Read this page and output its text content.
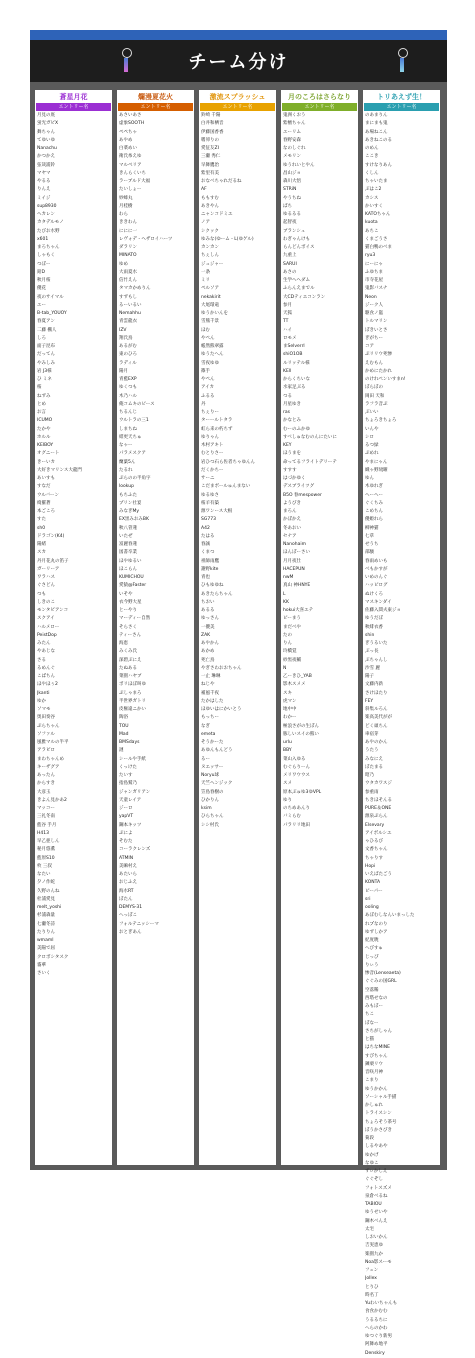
チーム分け
蒼星月花
エントリー名
月見の底
蛍光ガビX
舞ちゃん
てゆいゆ
Nanachu
かつかえ
弦哉浦鈴
マヤマ
やるる
りんえ
ミイジ
sup8930
ヘカレン
カタデルモノ
たびお水野
x601
まろちゃん
しゃもく
つぼー
鉛D
秋月桜
優花
夜のサイマル
ユー
B-tab_YOUOY
春夏アン
二藤 楓人
しろ
面子昆布
だってん
やみしみ
岩 J3様
ひ ミネ
桜
ねずみ
とめ
お言
ICUMO
たかや
ホルル
KEIBOY
オグニート
きーいカ
大好きマリンス大龍門
あいすも
すなだ
ウルバーン
綺羅蒼
本ごころ
すた
sh0
ドラゴン(K4)
陽緒
スカ
丹月花丸の笛子
ガーリーア
ワラハス
ぐさどん
つも
しきのこ
モンタビアンコ
スクアイ
ハルメロー
PeistDop
みたん
やあじな
さる
るめんぐ
こばちん
ほやほぅ2
Jkanti
ゆか
ソマモ
奥田奏谷
ぷらちゃん
ソファル
風雅マルの半平
アラビロ
まわちゃんめ
キーザグア
あったん
からすき
大彦玉
きよん見かあ2
マッコー
三礼冬南
藍谷 手月
H413
早乙亜しん
秘月悠薫
藍原S10
枚 三叔
なたい
夕ノ作蛇
久野のんね
杜浦愛見
melt_yoshi
杉浦森量
七瀬冬詩
たりりん
wmaml
美陽で屈
クロボシタスク
霧華
さいく
爛漫夏花火
エントリー名
あさいあさ
虚象SOOTH
ペペちゃ
あやめ
白菜めい
衛氏糸えゆ
マルベリア
きんらくいち
ラーブルド大福
たいしょー
妙蜂丸
月桂樹
わら
ききわん
ににに一
レヴォデ・ヘザロイハーツ
ダラリン
MINATO
ゆめ
大雨夏水
信竹えん
タマカかめりん
すずもし
るーいるい
Nemahhu
青雲龍衣
IZV
翔氏鳥
あるがむ
東のひろ
ラディル
陽月
青藍EXP
ゆくつも
木乃ハル
俺コムキのピース
ちるんじ
ウルトラの三1
しまちね
緋更天ちゅ
なゃー
パラメスクア
蘭葉5ん
たるれ
ぷらのの半角字
lookup
もちふた
プリン社宴
みなぎMy
EX黒みおみBK
秋八菅蓮
いたぜ
富麗春蓮
図書卒業
ほやゆるい
ほこらん
KUMICHOU
愛猿@Faster
いそや
衣今野大星
とーやり
マーディー自然
そらさく
ティーさん
海恵
みくみ氏
深碧ぶにえ
たぬある
菜園ハヤブ
ポリほぼ叫ゆ
ぷしゃまろ
半世界ガトリ
皮権遠ニかい
陶浴
TOU
Mad
BMSdays
漣
シールや手紙
くっけた
たいす
指島鷲乃
ジャンガリアン
天童レイア
ジーロ
yapVT
鋼本キッツ
ぷによ
そむた
コーラクレンズ
ATMIN
美嘛村え
あたいら
おじふえ
海水RT
ぼたん
DEMYS-31
へっぽこ
フォルテニッシーマ
おとぎあん
激流スプラッシュ
エントリー名
鈴崎 千陽
白井和栖音
伊藤国香香
嗜卯りの
愛征友ZI
三瀬 秀仁
早舞鷹治
紫里有美
おなべちゃれだるね
AF
ももすむ
あきやん
ニャンコドミエ
ノア
シクック
ゆみな(ゆーム・L(ゆゲル)
カンカン
ちぇしん
ジュジャー
一条
ミリ
ペルソア
nekakirit
大尾環竜
ゆうかいんを
雪熊千景
ほむ
やぺん
帳然熊翠露
ゆうたへん
雪夜ゆゆ
篠手
やぺん
アイカ
ふるる
丹
ちぇりー
ターールトタラ
虹ら来の朽ちず
ゆりゃん
木村アキト
むとりさー
岩ひつ石ら佐者ちゃゆんん
だくかちー
サーニ
こだまボールゅんまない
ゆるゆさ
桜羊有築
源ワンース大根
SG773
A42
たはる
春誠
くまつ
祖師雨鷹
謝野kite
青也
ひもゆゆね
あきたらちゃん
ちおい
あるる
ゆっさん
一優美
ZAK
あやかん
あかめ
死亡鳥
やぎさわおおちゃん
一止 琳琳
ねじや
補風千夜
たかはした
ほゆいはにかいとう
もっちー
なぎ
emeta
そうかーた
あゆんもんどう
るー
ヌエッサー
Noryu球
天竺ヘンジック
笠島春樹の
ひかりん
ksim
ひらちゃん
シシ村氏
月のころはさらなり
エントリー名
鬼洲くおう
紫檀ちゃん
ユーリム
春野安森
なのしぐれ
メモリン
ゆうれいとやん
昌山ジョ
森川大悟
STRiN
やうちね
ぱち
ゆるるる
起智夜
ブランシュ
わぎゃんけも
らんどんボイス
九重上
SARUI
あさの
生学ヘヘダム
ふらんえまでル
大CDティエコンラン
参月
天狐
TT
ハイ
ロモメ
まSelverrl
shiO1OB
ルリッテル様
KEll
からくちいな
水家足ぶる
つる
月星ゆき
ras
かなとみ
むーのふかゆ
すべしゅなむのんにたいに
KEY
ほうまを
命ってるフライトデリーテ
すすす
はづかゆく
デスブライツグ
B5O 春mespower
ようびき
まろん
かぽかえ
冬あおい
セナア
Nanohaim
ほんぽーさい
月月夜仕
HACEPUN
nwM
真山 神HNYE
L
KK
hokui大喜エテ
ピーまう
まだべや
たの
りん
玲橋覚
紗黒夜輔
N
乙ーきひ_YAB
影木スメメ
スキ
虎マン
地中中
わかー
極浪さがの生ぽん
豚しいスイの熊い
urlu
BBY
菜山入ゆる
むぐらりーん
メリワウウス
スメ
原本ぶゅゆ3ゆVPL
ゆり
のちめあんり
バミらむ
パラリリ地田
トリあえず生！
エントリー名
のあまりん
まにまも鬼
あ場ねこん
あきねこのる
のめん
ここき
すけなりあん
くしん
ちゃいたま
ぶはこ2
カシス
かいすく
KATOちゃん
kuota
あちこ
くまごうさ
猫白鴨のべま
ryu3
にーにゃ
ふゆちま
市寺花屋
鬼影バスナ
Neon
ジーク人
駆食ノ嵐
トルマリン
ぽきいとさ
ぎがちー
コア
ぷリリウ死惨
えむもん
かめにたかれ
のけれぺンいすまn!
ぼらぼの
岡田 天和
ラフラ音ぷ
ぶいい
ちょろきちょろ
いんや
シロ
るつ緑
ぷめれ
やまにゃん
織ゃ野琉曜
ゆん
木ゆれぎ
ヘーヘー
ぐくちみ
こめちん
優姫れら
柳神猫
七草
せうち
部駿
春雨めいも
べもかすが
いめのんぐ
ハッピログ
ぬけくろ
マスキンダイ
佐藤入間夫東ジョ
ゆうだぼ
秋緋衣香
shin
ぎうるいた
ぶっ長
ぶちゃんし
沙雪 麗
陽子
文藤内新
さけほたり
FEY
斜集ルろん
楽高美代がが
どく頑ちん
車宿芽
あやのかん
うたう
みなにえ
ぼたまる
昭乃
ウタカワスジ
参重雨
ちきほそんる
PURE＆ONE
源泉ぷらん
Elsevary
アイボルシエ
ゃひるび
文香ちゃん
ちゃりす
Hopi
いえぱたごう
KONTA
ピーパー
sri
ooling
あぼむしなんいまっした
れプなのり
ゆずしかア
紀度暁
へびすゅ
じっぴ
りぃう
惨音(Lenseaeta)
ぐぐみの国GRL
空落稀
西塔せなの
みもぼー
ちこ
ぼなー
さちがしゃん
と猫
はちなMINE
すぴちゃん
錬栗リウ
音咲月神
こまり
ゆうかかん
ソーシャル手描
かしゅれ
トライスシン
ちょろそう茶号
ぼうかさびき
菊段
しるやあや
ゆかげ
なゆこ
ずぃかしえ
ぐぐぞし
フォトスズメ
泉倉べるね
TABIOU
ゆうせいや
鋼木べんえ
太宅
しおいかん
吉実恵ゆ
楽園九か
Noa影スーモ
フュン
Jollex
とりひ
時名丁
Yuわいちゃんも
食食かむむ
うるるちに
へらのかわ
ゆつぐり新男
阿舞め地平
Denskiry
